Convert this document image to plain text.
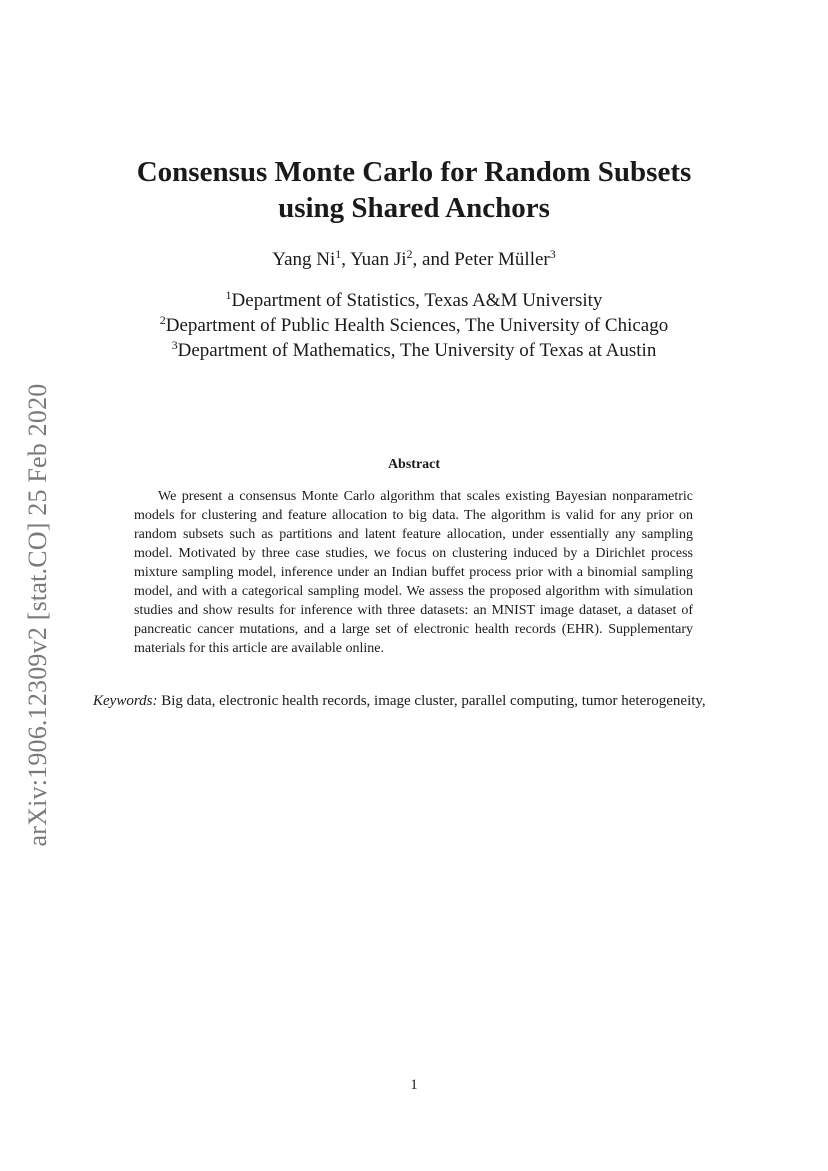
arXiv:1906.12309v2 [stat.CO] 25 Feb 2020
Consensus Monte Carlo for Random Subsets
using Shared Anchors
Yang Ni$^1$, Yuan Ji$^2$, and Peter Müller$^3$
$^1$Department of Statistics, Texas A&M University
$^2$Department of Public Health Sciences, The University of Chicago
$^3$Department of Mathematics, The University of Texas at Austin
Abstract
We present a consensus Monte Carlo algorithm that scales existing Bayesian nonparametric models for clustering and feature allocation to big data. The algorithm is valid for any prior on random subsets such as partitions and latent feature allocation, under essentially any sampling model. Motivated by three case studies, we focus on clustering induced by a Dirichlet process mixture sampling model, inference under an Indian buffet process prior with a binomial sampling model, and with a categorical sampling model. We assess the proposed algorithm with simulation studies and show results for inference with three datasets: an MNIST image dataset, a dataset of pancreatic cancer mutations, and a large set of electronic health records (EHR). Supplementary materials for this article are available online.
Keywords: Big data, electronic health records, image cluster, parallel computing, tumor heterogeneity,
1
